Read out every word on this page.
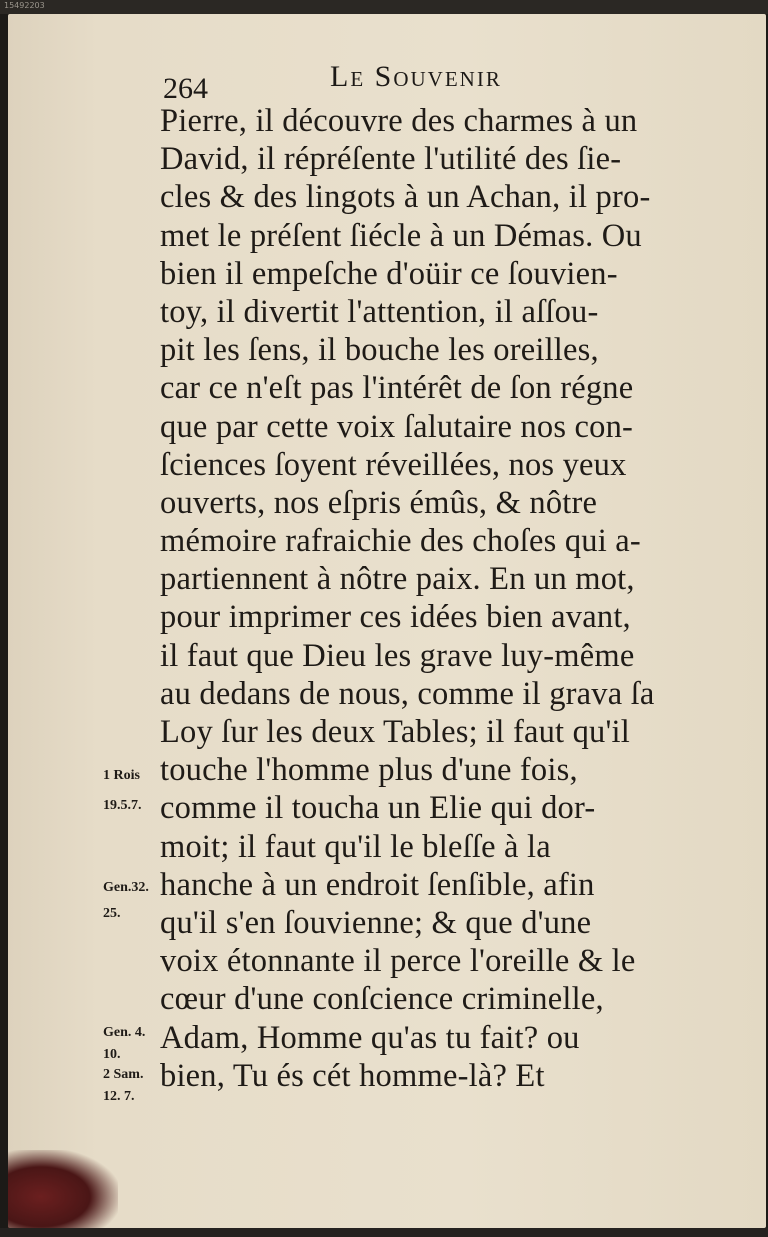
15492203
264	Le Souvenir
Pierre, il découvre des charmes à un
David, il répréſente l'utilité des ſie-
cles & des lingots à un Achan, il pro-
met le préſent ſiécle à un Démas. Ou
bien il empeſche d'oüir ce ſouvien-
toy, il divertit l'attention, il aſſou-
pit les ſens, il bouche les oreilles,
car ce n'eſt pas l'intérêt de ſon régne
que par cette voix ſalutaire nos con-
ſciences ſoyent réveillées, nos yeux
ouverts, nos eſpris émûs, & nôtre
mémoire rafraichie des choſes qui a-
partiennent à nôtre paix. En un mot,
pour imprimer ces idées bien avant,
il faut que Dieu les grave luy-même
au dedans de nous, comme il grava ſa
Loy ſur les deux Tables; il faut qu'il
touche l'homme plus d'une fois,
comme il toucha un Elie qui dor-
moit; il faut qu'il le bleſſe à la
hanche à un endroit ſenſible, afin
qu'il s'en ſouvienne; & que d'une
voix étonnante il perce l'oreille & le
cœur d'une conſcience criminelle,
Adam, Homme qu'as tu fait? ou
bien, Tu és cét homme-là? Et
1 Rois
19.5.7.
Gen.32.
25.
Gen. 4.
10.
2 Sam.
12. 7.
